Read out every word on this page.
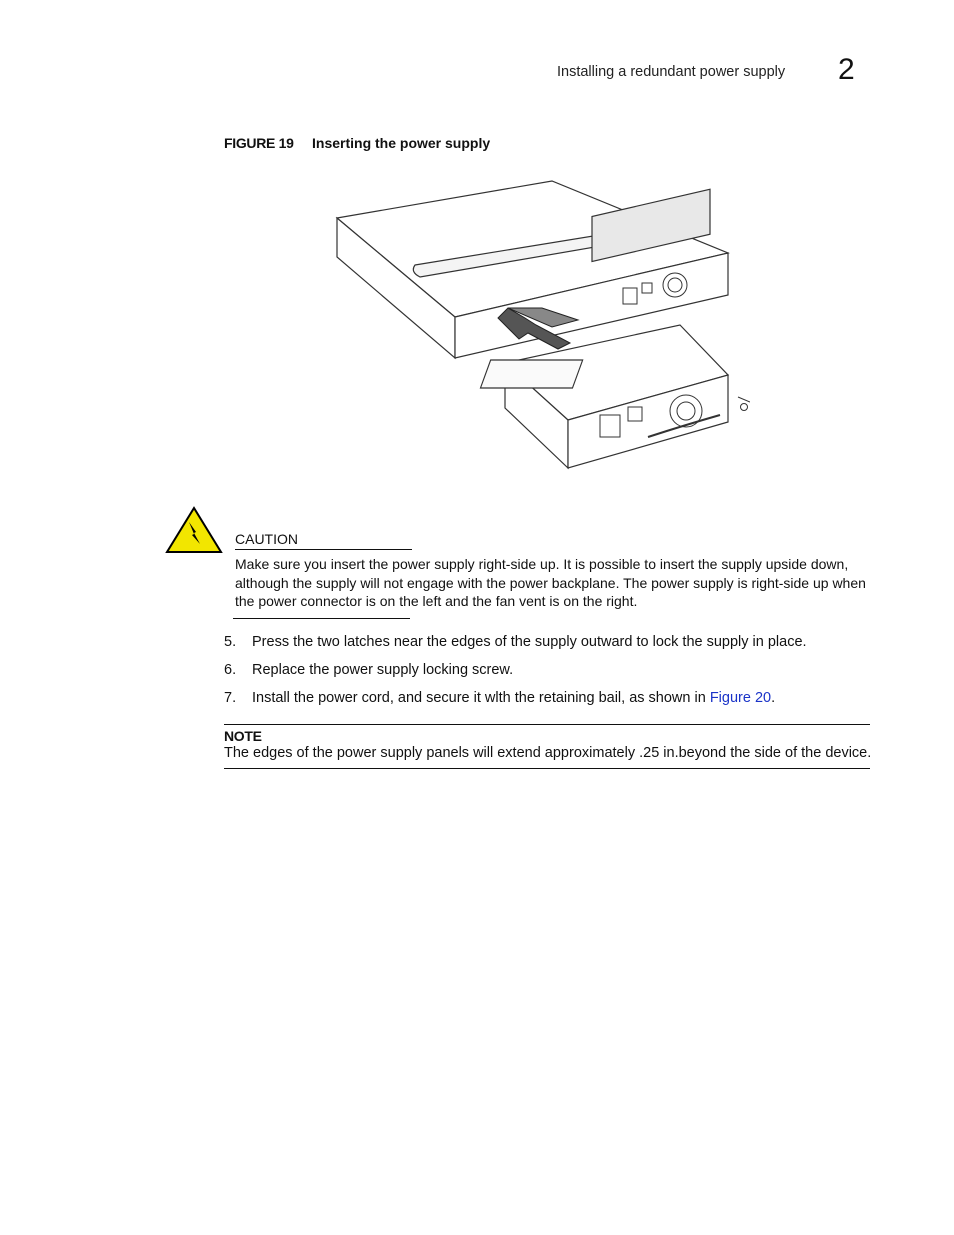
Installing a redundant power supply 2
FIGURE 19 Inserting the power supply
CAUTION
Make sure you insert the power supply right-side up. It is possible to insert the supply upside down, although the supply will not engage with the power backplane. The power supply is right-side up when the power connector is on the left and the fan vent is on the right.
5. Press the two latches near the edges of the supply outward to lock the supply in place.
6. Replace the power supply locking screw.
7. Install the power cord, and secure it wlth the retaining bail, as shown in Figure 20.
NOTE
The edges of the power supply panels will extend approximately .25 in.beyond the side of the device.
